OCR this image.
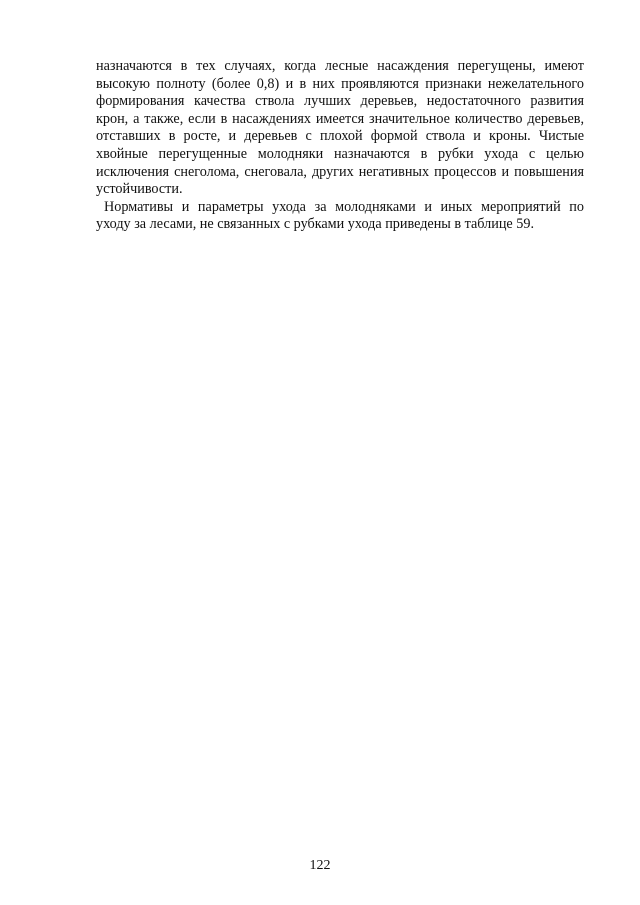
назначаются в тех случаях, когда лесные насаждения перегущены, имеют
высокую полноту (более 0,8) и в них проявляются признаки нежелательного
формирования качества ствола лучших деревьев, недостаточного развития
крон, а также, если в насаждениях имеется значительное количество деревьев,
отставших в росте, и деревьев с плохой формой ствола и кроны. Чистые
хвойные перегущенные молодняки назначаются в рубки ухода с целью
исключения снеголома, снеговала, других негативных процессов и повышения
устойчивости.
Нормативы и параметры ухода за молодняками и иных мероприятий по
уходу за лесами, не связанных с рубками ухода приведены в таблице 59.
122
